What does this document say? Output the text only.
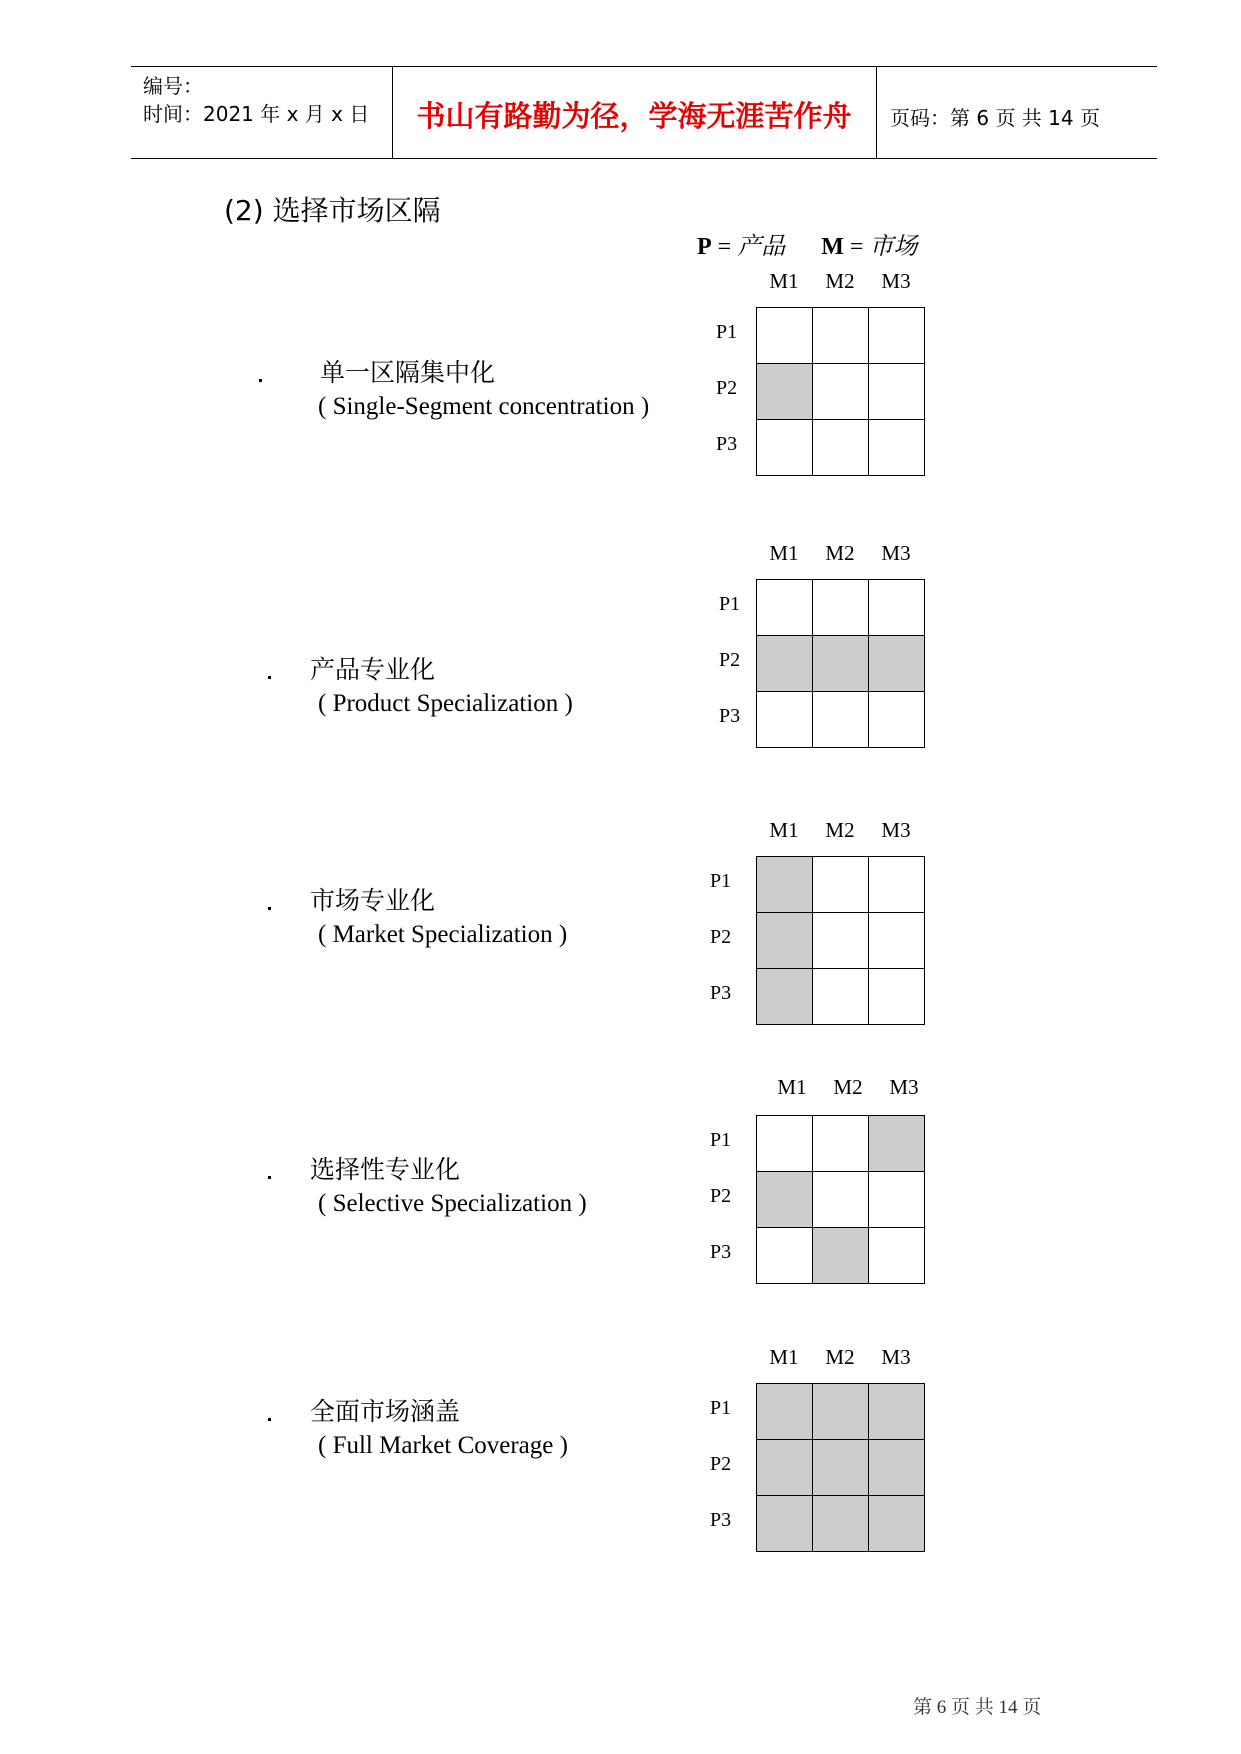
编号：
时间：2021 年 x 月 x 日	书山有路勤为径，学海无涯苦作舟	页码：第 6 页 共 14 页
(2) 选择市场区隔
P = 产品 M = 市场
单一区隔集中化
( Single-Segment concentration )
M1	M2	M3
P1
P2
P3
产品专业化
( Product Specialization )
M1	M2	M3
P1
P2
P3
市场专业化
( Market Specialization )
M1	M2	M3
P1
P2
P3
选择性专业化
( Selective Specialization )
M1	M2	M3
P1
P2
P3
全面市场涵盖
( Full Market Coverage )
M1	M2	M3
P1
P2
P3
第 6 页 共 14 页
